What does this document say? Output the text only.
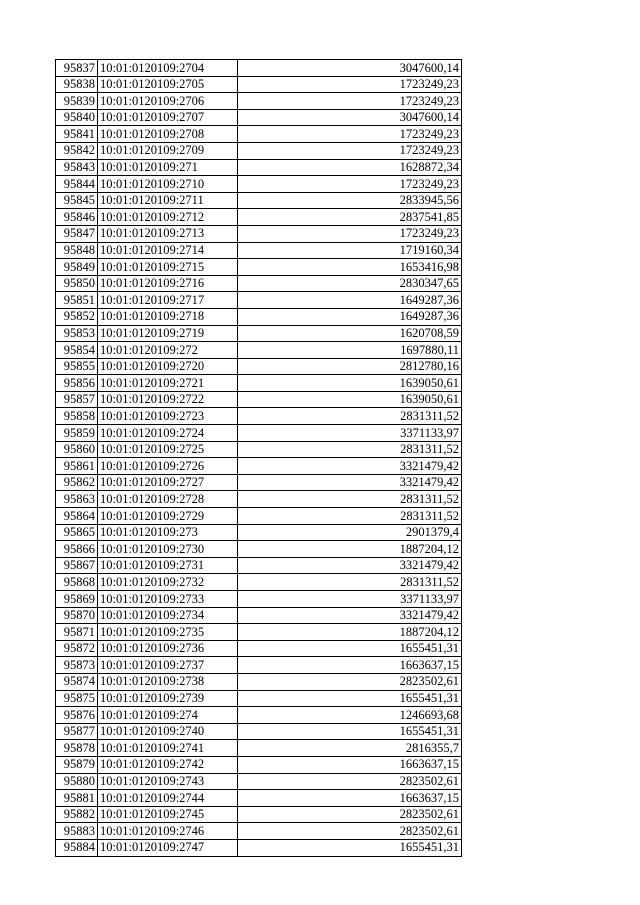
95837	10:01:0120109:2704	3047600,14
95838	10:01:0120109:2705	1723249,23
95839	10:01:0120109:2706	1723249,23
95840	10:01:0120109:2707	3047600,14
95841	10:01:0120109:2708	1723249,23
95842	10:01:0120109:2709	1723249,23
95843	10:01:0120109:271	1628872,34
95844	10:01:0120109:2710	1723249,23
95845	10:01:0120109:2711	2833945,56
95846	10:01:0120109:2712	2837541,85
95847	10:01:0120109:2713	1723249,23
95848	10:01:0120109:2714	1719160,34
95849	10:01:0120109:2715	1653416,98
95850	10:01:0120109:2716	2830347,65
95851	10:01:0120109:2717	1649287,36
95852	10:01:0120109:2718	1649287,36
95853	10:01:0120109:2719	1620708,59
95854	10:01:0120109:272	1697880,11
95855	10:01:0120109:2720	2812780,16
95856	10:01:0120109:2721	1639050,61
95857	10:01:0120109:2722	1639050,61
95858	10:01:0120109:2723	2831311,52
95859	10:01:0120109:2724	3371133,97
95860	10:01:0120109:2725	2831311,52
95861	10:01:0120109:2726	3321479,42
95862	10:01:0120109:2727	3321479,42
95863	10:01:0120109:2728	2831311,52
95864	10:01:0120109:2729	2831311,52
95865	10:01:0120109:273	2901379,4
95866	10:01:0120109:2730	1887204,12
95867	10:01:0120109:2731	3321479,42
95868	10:01:0120109:2732	2831311,52
95869	10:01:0120109:2733	3371133,97
95870	10:01:0120109:2734	3321479,42
95871	10:01:0120109:2735	1887204,12
95872	10:01:0120109:2736	1655451,31
95873	10:01:0120109:2737	1663637,15
95874	10:01:0120109:2738	2823502,61
95875	10:01:0120109:2739	1655451,31
95876	10:01:0120109:274	1246693,68
95877	10:01:0120109:2740	1655451,31
95878	10:01:0120109:2741	2816355,7
95879	10:01:0120109:2742	1663637,15
95880	10:01:0120109:2743	2823502,61
95881	10:01:0120109:2744	1663637,15
95882	10:01:0120109:2745	2823502,61
95883	10:01:0120109:2746	2823502,61
95884	10:01:0120109:2747	1655451,31
